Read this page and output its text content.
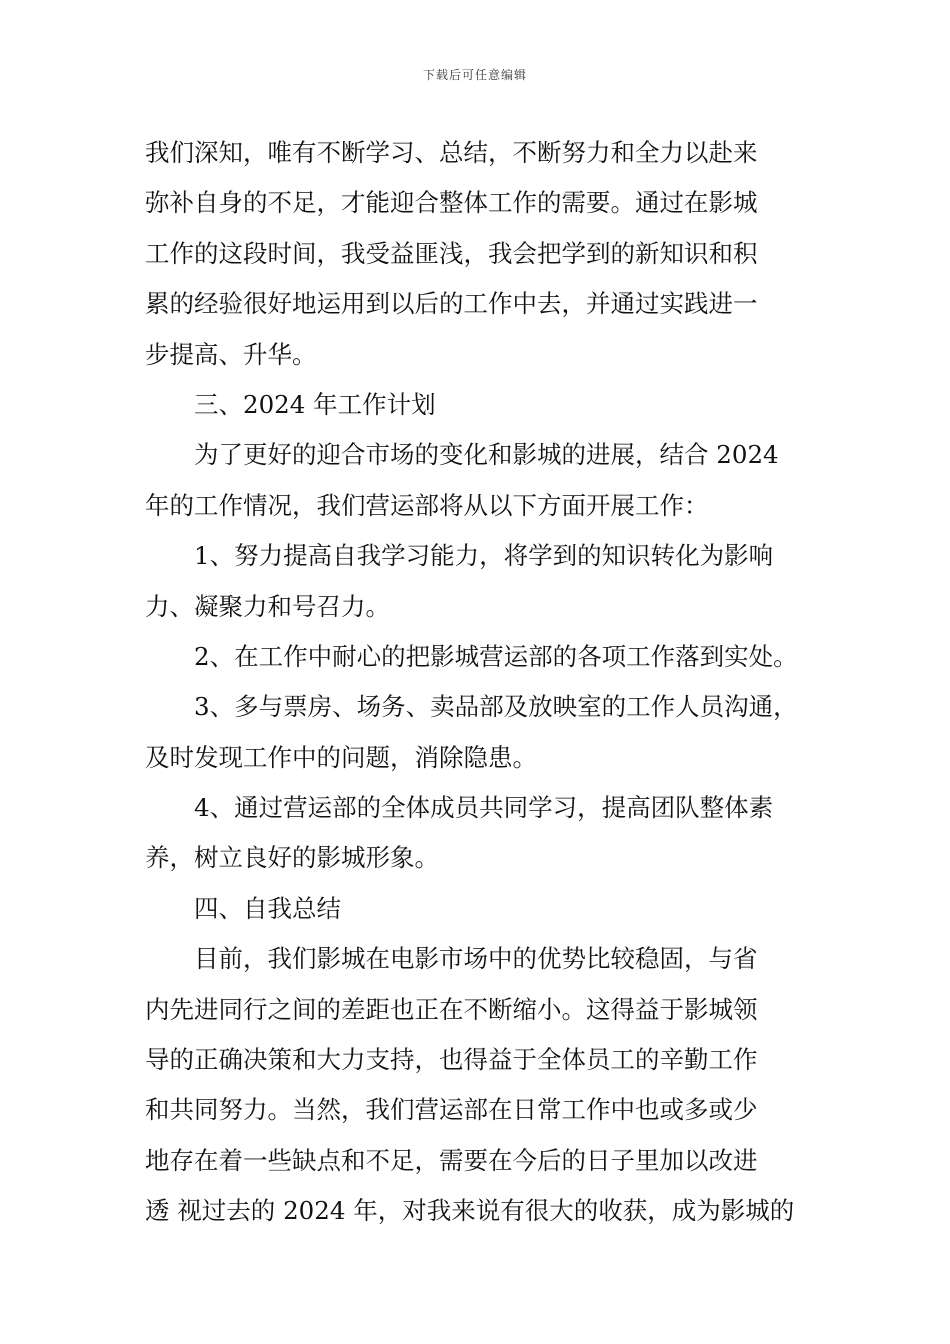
下载后可任意编辑
我们深知，唯有不断学习、总结，不断努力和全力以赴来
弥补自身的不足，才能迎合整体工作的需要。通过在影城
工作的这段时间，我受益匪浅，我会把学到的新知识和积
累的经验很好地运用到以后的工作中去，并通过实践进一
步提高、升华。
三、2024 年工作计划
为了更好的迎合市场的变化和影城的进展，结合 2024
年的工作情况，我们营运部将从以下方面开展工作：
1、努力提高自我学习能力，将学到的知识转化为影响
力、凝聚力和号召力。
2、在工作中耐心的把影城营运部的各项工作落到实处。
3、多与票房、场务、卖品部及放映室的工作人员沟通，
及时发现工作中的问题，消除隐患。
4、通过营运部的全体成员共同学习，提高团队整体素
养，树立良好的影城形象。
四、自我总结
目前，我们影城在电影市场中的优势比较稳固，与省
内先进同行之间的差距也正在不断缩小。这得益于影城领
导的正确决策和大力支持，也得益于全体员工的辛勤工作
和共同努力。当然，我们营运部在日常工作中也或多或少
地存在着一些缺点和不足，需要在今后的日子里加以改进
透 视过去的 2024 年，对我来说有很大的收获，成为影城的
